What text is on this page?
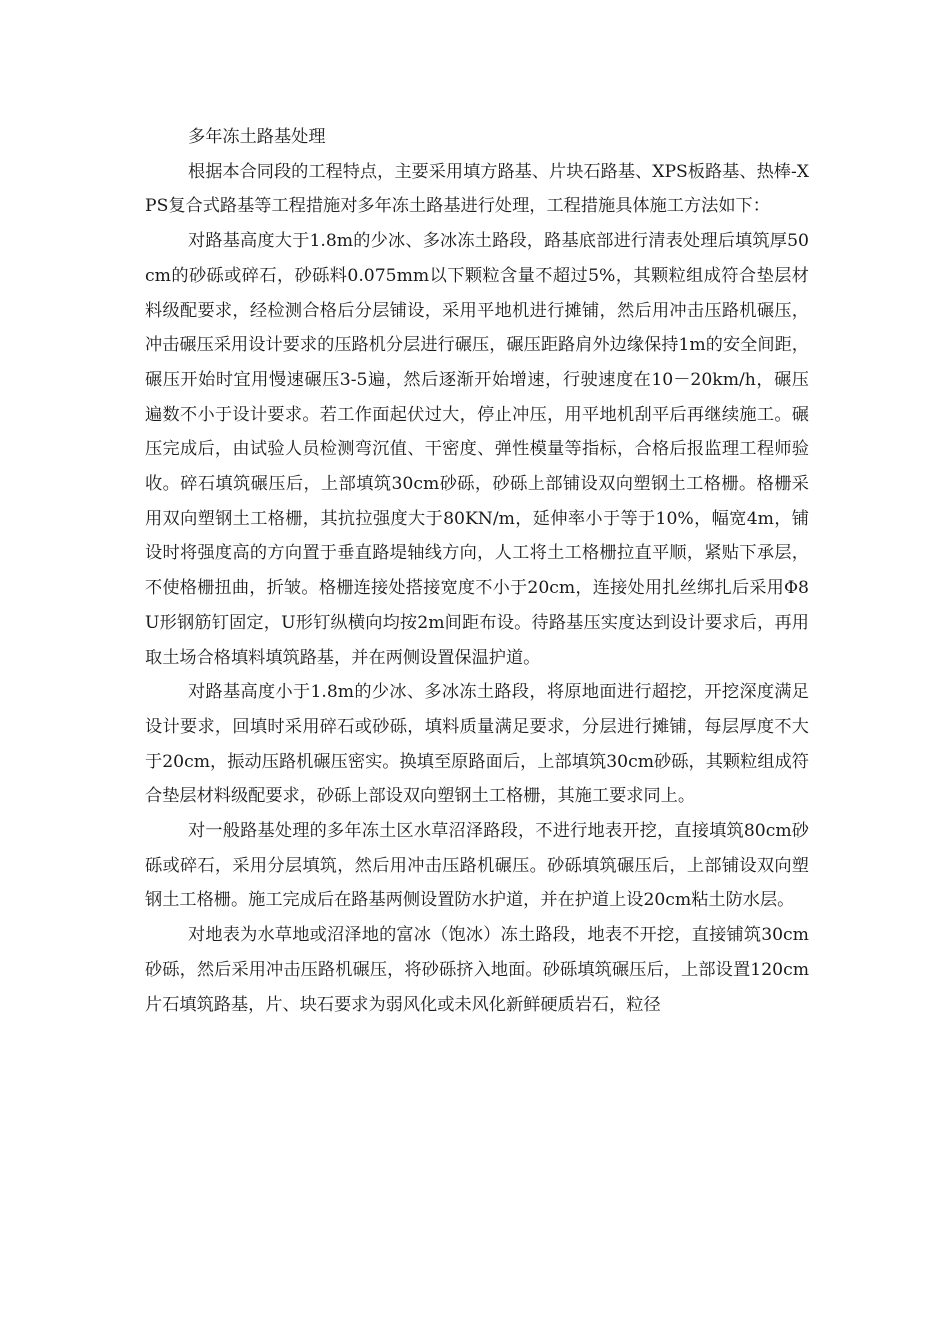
多年冻土路基处理

根据本合同段的工程特点，主要采用填方路基、片块石路基、XPS板路基、热棒-XPS复合式路基等工程措施对多年冻土路基进行处理，工程措施具体施工方法如下：

对路基高度大于1.8m的少冰、多冰冻土路段，路基底部进行清表处理后填筑厚50cm的砂砾或碎石，砂砾料0.075mm以下颗粒含量不超过5%，其颗粒组成符合垫层材料级配要求，经检测合格后分层铺设，采用平地机进行摊铺，然后用冲击压路机碾压，冲击碾压采用设计要求的压路机分层进行碾压，碾压距路肩外边缘保持1m的安全间距，碾压开始时宜用慢速碾压3-5遍，然后逐渐开始增速，行驶速度在10－20km/h，碾压遍数不小于设计要求。若工作面起伏过大，停止冲压，用平地机刮平后再继续施工。碾压完成后，由试验人员检测弯沉值、干密度、弹性模量等指标，合格后报监理工程师验收。碎石填筑碾压后，上部填筑30cm砂砾，砂砾上部铺设双向塑钢土工格栅。格栅采用双向塑钢土工格栅，其抗拉强度大于80KN/m，延伸率小于等于10%，幅宽4m，铺设时将强度高的方向置于垂直路堤轴线方向，人工将土工格栅拉直平顺，紧贴下承层，不使格栅扭曲，折皱。格栅连接处搭接宽度不小于20cm，连接处用扎丝绑扎后采用Φ8U形钢筋钉固定，U形钉纵横向均按2m间距布设。待路基压实度达到设计要求后，再用取土场合格填料填筑路基，并在两侧设置保温护道。

对路基高度小于1.8m的少冰、多冰冻土路段，将原地面进行超挖，开挖深度满足设计要求，回填时采用碎石或砂砾，填料质量满足要求，分层进行摊铺，每层厚度不大于20cm，振动压路机碾压密实。换填至原路面后，上部填筑30cm砂砾，其颗粒组成符合垫层材料级配要求，砂砾上部设双向塑钢土工格栅，其施工要求同上。

对一般路基处理的多年冻土区水草沼泽路段，不进行地表开挖，直接填筑80cm砂砾或碎石，采用分层填筑，然后用冲击压路机碾压。砂砾填筑碾压后，上部铺设双向塑钢土工格栅。施工完成后在路基两侧设置防水护道，并在护道上设20cm粘土防水层。

对地表为水草地或沼泽地的富冰（饱冰）冻土路段，地表不开挖，直接铺筑30cm砂砾，然后采用冲击压路机碾压，将砂砾挤入地面。砂砾填筑碾压后，上部设置120cm片石填筑路基，片、块石要求为弱风化或未风化新鲜硬质岩石，粒径
